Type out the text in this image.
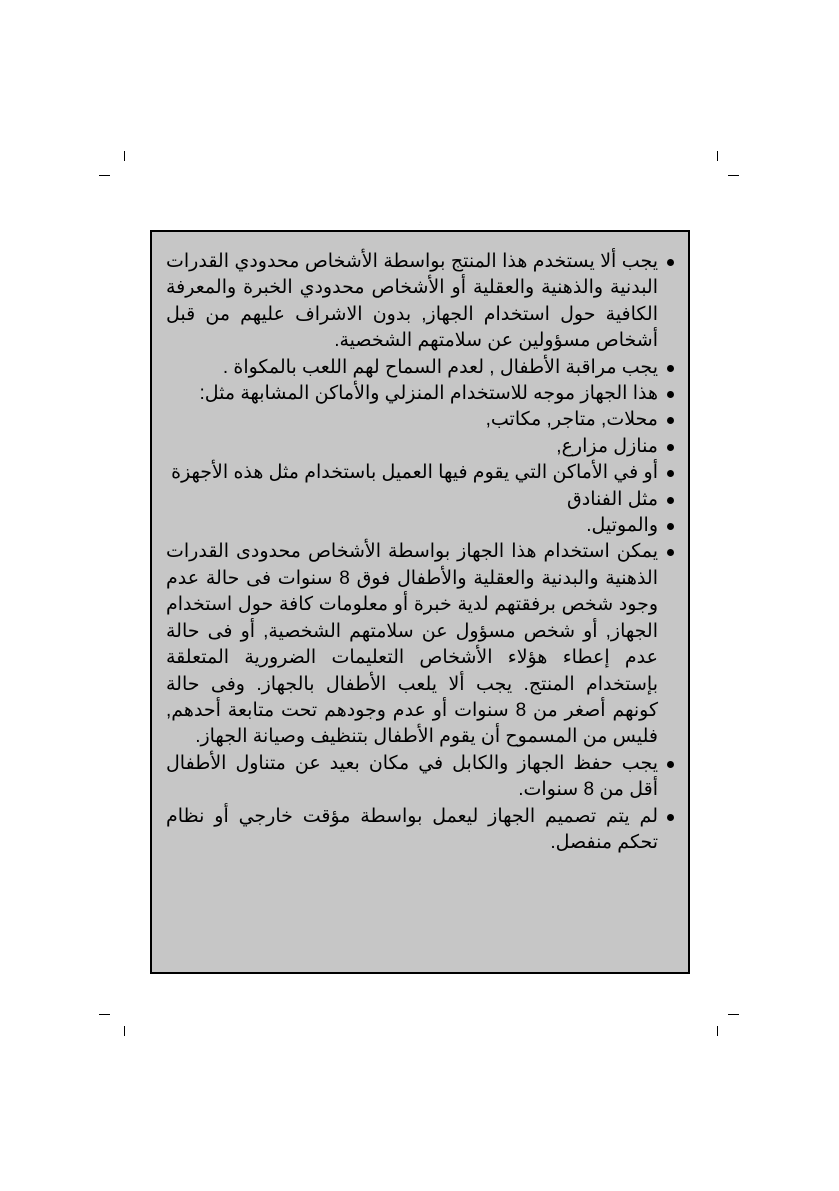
يجب ألا يستخدم هذا المنتج بواسطة الأشخاص محدودي القدرات البدنية والذهنية والعقلية أو الأشخاص محدودي الخبرة والمعرفة الكافية حول استخدام الجهاز, بدون الاشراف عليهم من قبل أشخاص مسؤولين عن سلامتهم الشخصية.
يجب مراقبة الأطفال , لعدم السماح لهم اللعب بالمكواة .
هذا الجهاز موجه للاستخدام المنزلي والأماكن المشابهة مثل:
محلات, متاجر, مكاتب,
منازل مزارع,
أو في الأماكن التي يقوم فيها العميل باستخدام مثل هذه الأجهزة
مثل الفنادق
والموتيل.
يمكن استخدام هذا الجهاز بواسطة الأشخاص محدودى القدرات الذهنية والبدنية والعقلية والأطفال فوق 8 سنوات فى حالة عدم وجود شخص برفقتهم لدية خبرة أو معلومات كافة حول استخدام الجهاز, أو شخص مسؤول عن سلامتهم الشخصية, أو فى حالة عدم إعطاء هؤلاء الأشخاص التعليمات الضرورية المتعلقة بإستخدام المنتج. يجب ألا يلعب الأطفال بالجهاز. وفى حالة كونهم أصغر من 8 سنوات أو عدم وجودهم تحت متابعة أحدهم, فليس من المسموح أن يقوم الأطفال بتنظيف وصيانة الجهاز.
يجب حفظ الجهاز والكابل في مكان بعيد عن متناول الأطفال أقل من 8 سنوات.
لم يتم تصميم الجهاز ليعمل بواسطة مؤقت خارجي أو نظام تحكم منفصل.
